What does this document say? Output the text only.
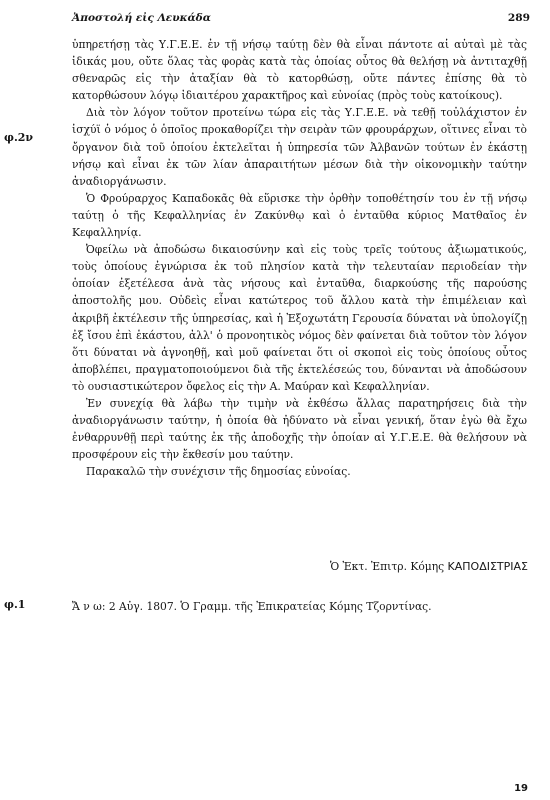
Ἀποστολή εἰς Λευκάδα	289
φ.2ν
φ.1

ὑπηρετήσῃ τὰς Υ.Γ.Ε.Ε. ἐν τῇ νήσῳ ταύτῃ δὲν θὰ εἶναι πάντοτε αἱ αὐταὶ μὲ τὰς ἰδικάς μου, οὔτε ὅλας τὰς φορὰς κατὰ τὰς ὁποίας οὗτος θὰ θελήσῃ νὰ ἀντιταχθῇ σθεναρῶς εἰς τὴν ἀταξίαν θὰ τὸ κατορθώσῃ, οὔτε πάντες ἐπίσης θὰ τὸ κατορθώσουν λόγῳ ἰδιαιτέρου χαρακτῆρος καὶ εὐνοίας (πρὸς τοὺς κατοίκους).

Διὰ τὸν λόγον τοῦτον προτείνω τώρα εἰς τὰς Υ.Γ.Ε.Ε. νὰ τεθῇ τοὐλάχιστον ἐν ἰσχύϊ ὁ νόμος ὁ ὁποῖος προκαθορίζει τὴν σειρὰν τῶν φρουράρχων, οἵτινες εἶναι τὸ ὄργανον διὰ τοῦ ὁποίου ἐκτελεῖται ἡ ὑπηρεσία τῶν Ἀλβανῶν τούτων ἐν ἑκάστῃ νήσῳ καὶ εἶναι ἐκ τῶν λίαν ἀπαραιτήτων μέσων διὰ τὴν οἰκονομικὴν ταύτην ἀναδιοργάνωσιν.

Ὁ Φρούραρχος Καπαδοκᾶς θὰ εὕρισκε τὴν ὀρθὴν τοποθέτησίν του ἐν τῇ νήσῳ ταύτῃ ὁ τῆς Κεφαλληνίας ἐν Ζακύνθῳ καὶ ὁ ἐνταῦθα κύριος Ματθαῖος ἐν Κεφαλληνίᾳ.

Ὀφείλω νὰ ἀποδώσω δικαιοσύνην καὶ εἰς τοὺς τρεῖς τούτους ἀξιωματικούς, τοὺς ὁποίους ἐγνώρισα ἐκ τοῦ πλησίον κατὰ τὴν τελευταίαν περιοδείαν τὴν ὁποίαν ἐξετέλεσα ἀνὰ τὰς νήσους καὶ ἐνταῦθα, διαρκούσης τῆς παρούσης ἀποστολῆς μου. Οὐδεὶς εἶναι κατώτερος τοῦ ἄλλου κατὰ τὴν ἐπιμέλειαν καὶ ἀκριβῆ ἐκτέλεσιν τῆς ὑπηρεσίας, καὶ ἡ Ἐξοχωτάτη Γερουσία δύναται νὰ ὑπολογίζῃ ἐξ ἴσου ἐπὶ ἑκάστου, ἀλλ' ὁ προνοητικὸς νόμος δὲν φαίνεται διὰ τοῦτον τὸν λόγον ὅτι δύναται νὰ ἀγνοηθῇ, καὶ μοῦ φαίνεται ὅτι οἱ σκοποὶ εἰς τοὺς ὁποίους οὗτος ἀποβλέπει, πραγματοποιούμενοι διὰ τῆς ἐκτελέσεώς του, δύνανται νὰ ἀποδώσουν τὸ ουσιαστικώτερον ὄφελος εἰς τὴν Α. Μαύραν καὶ Κεφαλληνίαν.

Ἐν συνεχίᾳ θὰ λάβω τὴν τιμὴν νὰ ἐκθέσω ἄλλας παρατηρήσεις διὰ τὴν ἀναδιοργάνωσιν ταύτην, ἡ ὁποία θὰ ἠδύνατο νὰ εἶναι γενική, ὅταν ἐγὼ θὰ ἔχω ἐνθαρρυνθῇ περὶ ταύτης ἐκ τῆς ἀποδοχῆς τὴν ὁποίαν αἱ Υ.Γ.Ε.Ε. θὰ θελήσουν νὰ προσφέρουν εἰς τὴν ἔκθεσίν μου ταύτην.

Παρακαλῶ τὴν συνέχισιν τῆς δημοσίας εὐνοίας.

Ὁ Ἐκτ. Ἐπιτρ. Κόμης ΚΑΠΟΔΙΣΤΡΙΑΣ
Ἄ ν ω: 2 Αὐγ. 1807. Ὁ Γραμμ. τῆς Ἐπικρατείας Κόμης Τζορντίνας.
19
